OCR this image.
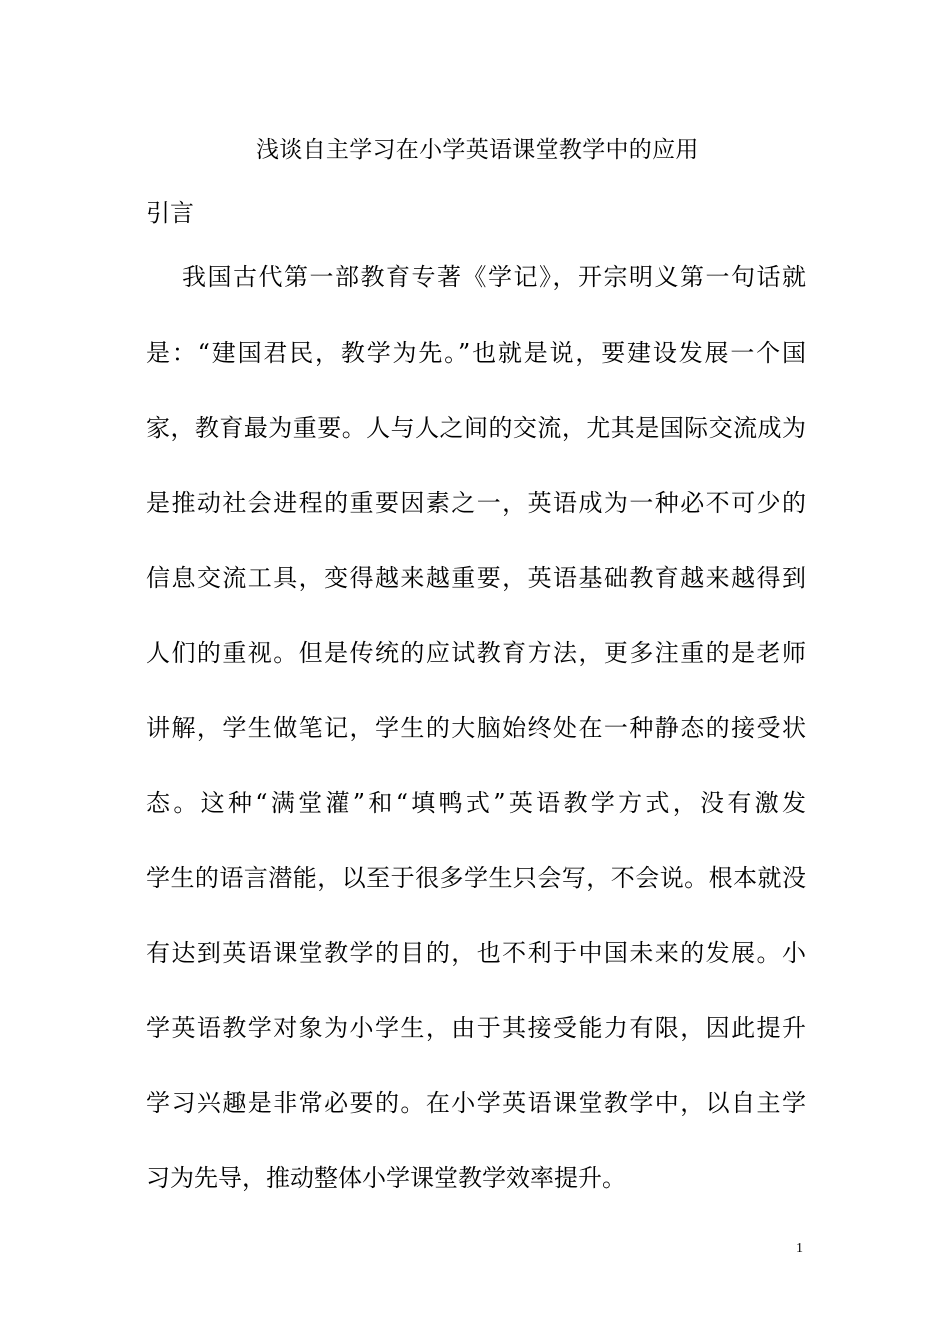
浅谈自主学习在小学英语课堂教学中的应用
引言
我国古代第一部教育专著《学记》，开宗明义第一句话就
是：“建国君民，教学为先。”也就是说，要建设发展一个国
家，教育最为重要。人与人之间的交流，尤其是国际交流成为
是推动社会进程的重要因素之一，英语成为一种必不可少的
信息交流工具，变得越来越重要，英语基础教育越来越得到
人们的重视。但是传统的应试教育方法，更多注重的是老师
讲解，学生做笔记，学生的大脑始终处在一种静态的接受状
态。这种“满堂灌”和“填鸭式”英语教学方式，没有激发
学生的语言潜能，以至于很多学生只会写，不会说。根本就没
有达到英语课堂教学的目的，也不利于中国未来的发展。小
学英语教学对象为小学生，由于其接受能力有限，因此提升
学习兴趣是非常必要的。在小学英语课堂教学中，以自主学
习为先导，推动整体小学课堂教学效率提升。
1
